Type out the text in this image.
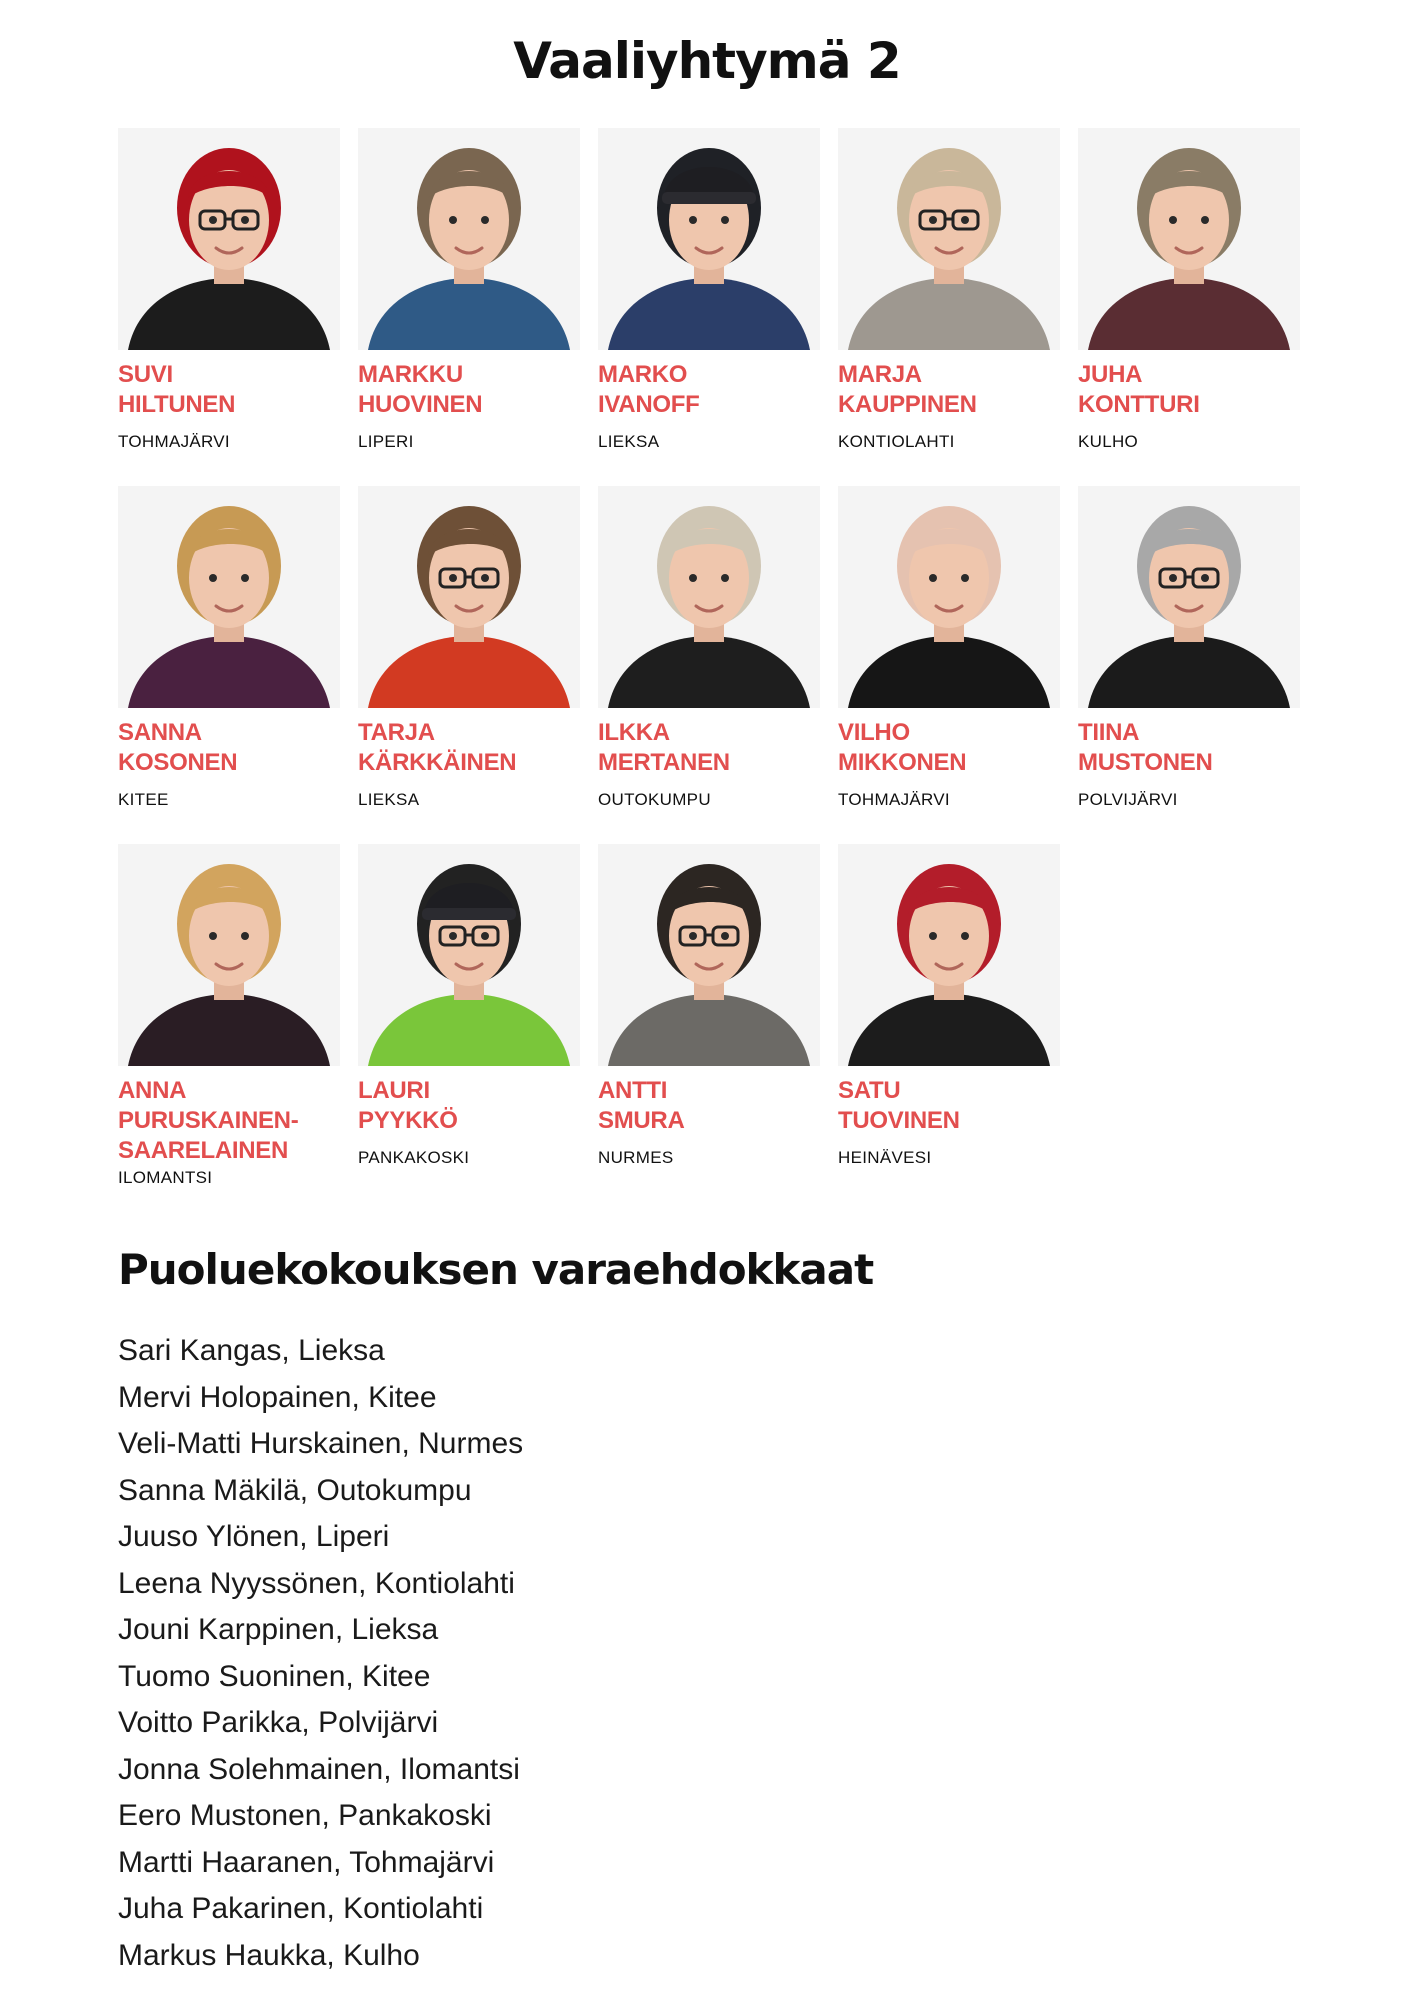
Vaaliyhtymä 2
SUVI
HILTUNEN
TOHMAJÄRVI
MARKKU
HUOVINEN
LIPERI
MARKO
IVANOFF
LIEKSA
MARJA
KAUPPINEN
KONTIOLAHTI
JUHA
KONTTURI
KULHO
SANNA
KOSONEN
KITEE
TARJA
KÄRKKÄINEN
LIEKSA
ILKKA
MERTANEN
OUTOKUMPU
VILHO
MIKKONEN
TOHMAJÄRVI
TIINA
MUSTONEN
POLVIJÄRVI
ANNA
PURUSKAINEN-
SAARELAINEN
ILOMANTSI
LAURI
PYYKKÖ
PANKAKOSKI
ANTTI
SMURA
NURMES
SATU
TUOVINEN
HEINÄVESI
Puoluekokouksen varaehdokkaat
Sari Kangas, Lieksa
Mervi Holopainen, Kitee
Veli-Matti Hurskainen, Nurmes
Sanna Mäkilä, Outokumpu
Juuso Ylönen, Liperi
Leena Nyyssönen, Kontiolahti
Jouni Karppinen, Lieksa
Tuomo Suoninen, Kitee
Voitto Parikka, Polvijärvi
Jonna Solehmainen, Ilomantsi
Eero Mustonen, Pankakoski
Martti Haaranen, Tohmajärvi
Juha Pakarinen, Kontiolahti
Markus Haukka, Kulho
